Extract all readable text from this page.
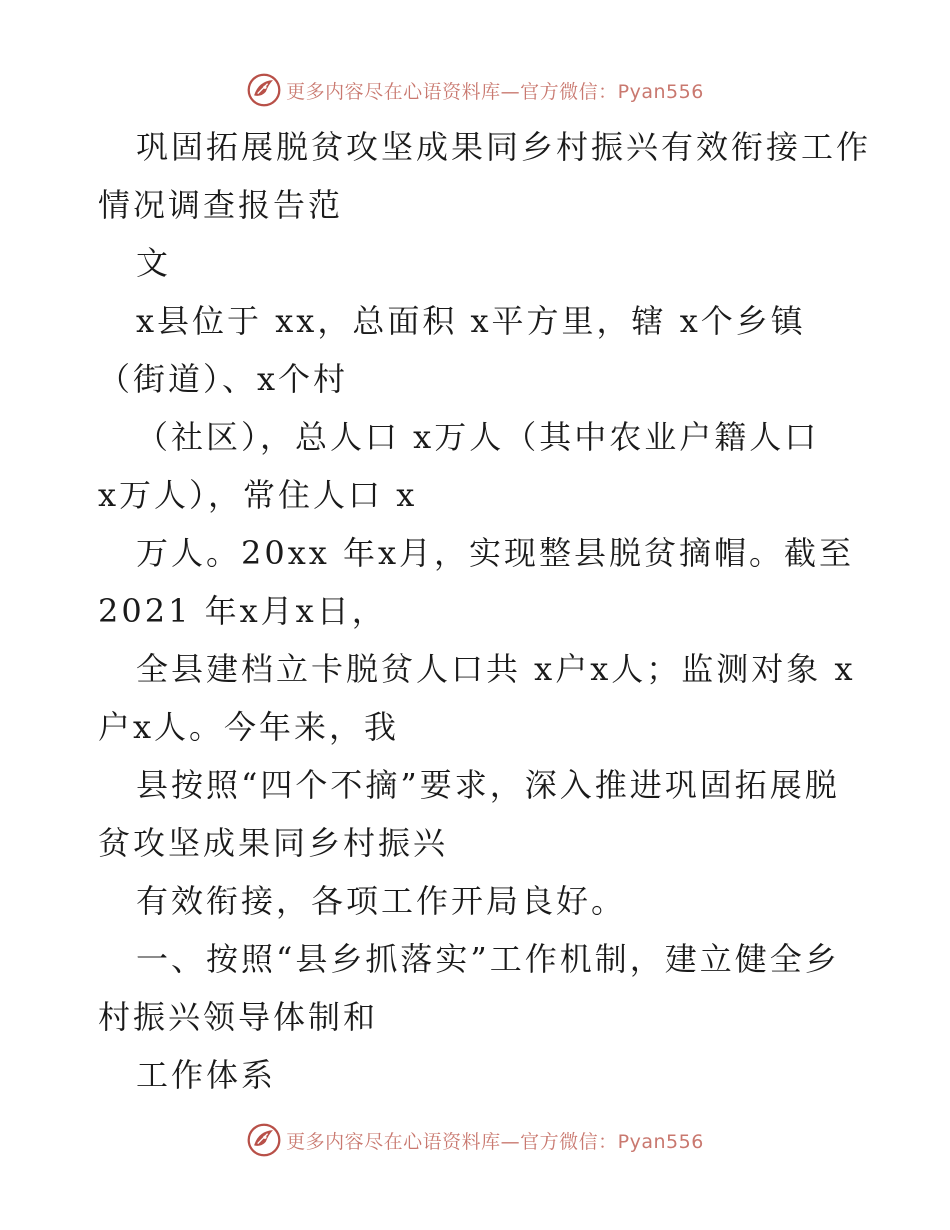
更多内容尽在心语资料库—官方微信：Pyan556
巩固拓展脱贫攻坚成果同乡村振兴有效衔接工作
情况调查报告范
文
x县位于 xx，总面积 x平方里，辖 x个乡镇
（街道）、x个村
（社区），总人口 x万人（其中农业户籍人口
x万人），常住人口 x
万人。20xx 年x月，实现整县脱贫摘帽。截至
2021 年x月x日，
全县建档立卡脱贫人口共 x户x人；监测对象 x
户x人。今年来，我
县按照“四个不摘”要求，深入推进巩固拓展脱
贫攻坚成果同乡村振兴
有效衔接，各项工作开局良好。
一、按照“县乡抓落实”工作机制，建立健全乡
村振兴领导体制和
工作体系
更多内容尽在心语资料库—官方微信：Pyan556
